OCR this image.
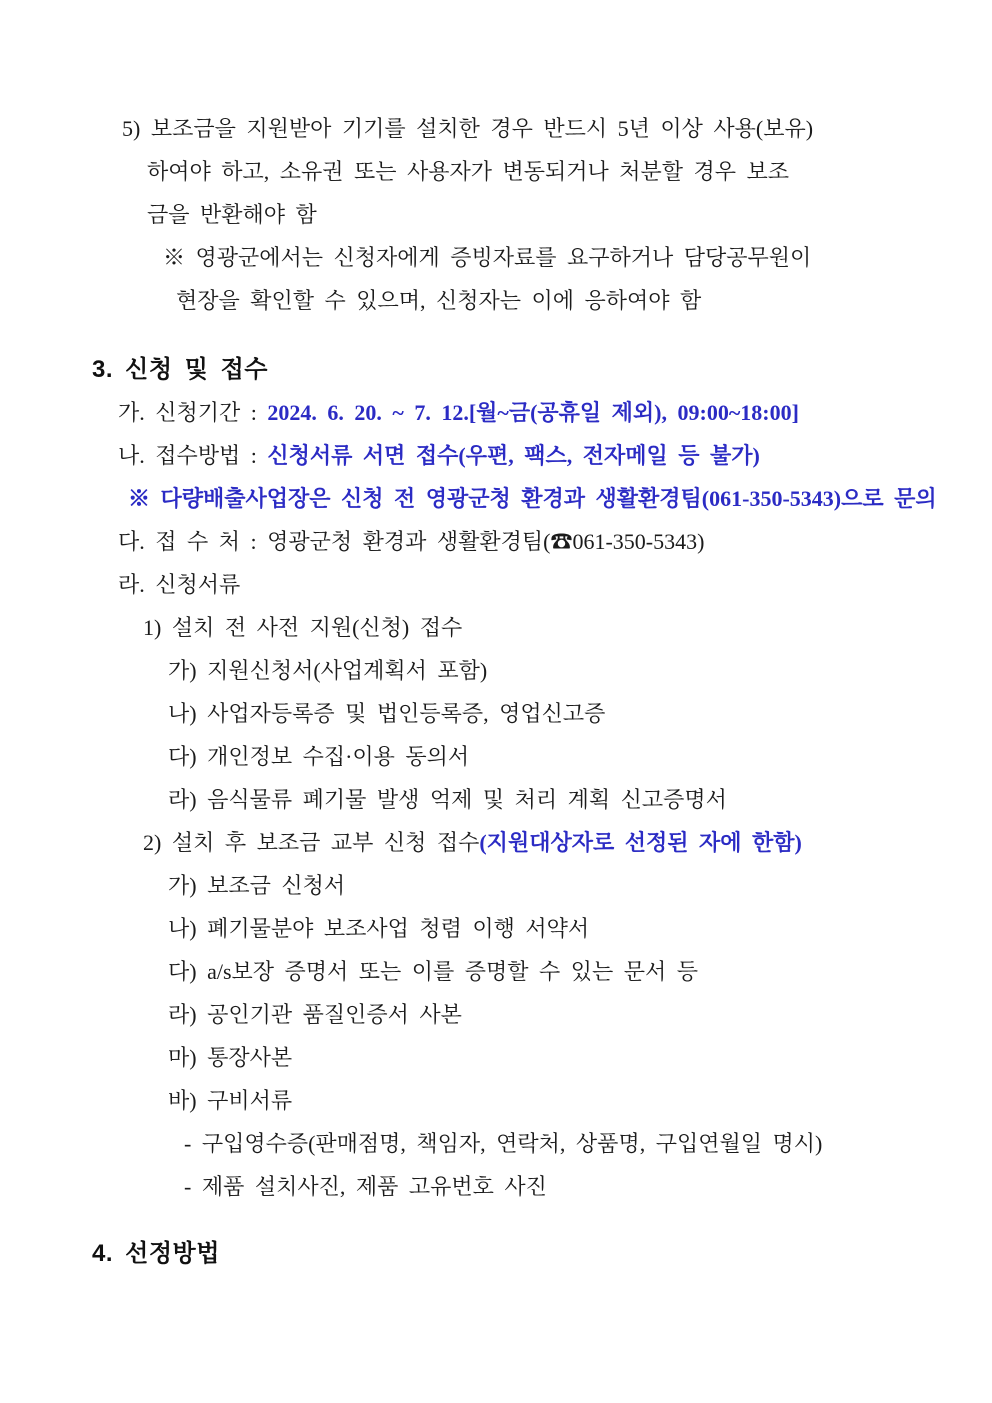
5) 보조금을 지원받아 기기를 설치한 경우 반드시 5년 이상 사용(보유)
하여야 하고, 소유권 또는 사용자가 변동되거나 처분할 경우 보조
금을 반환해야 함
※ 영광군에서는 신청자에게 증빙자료를 요구하거나 담당공무원이
현장을 확인할 수 있으며, 신청자는 이에 응하여야 함
3. 신청 및 접수
가. 신청기간 : 2024. 6. 20. ~ 7. 12.[월~금(공휴일 제외), 09:00~18:00]
나. 접수방법 : 신청서류 서면 접수(우편, 팩스, 전자메일 등 불가)
※ 다량배출사업장은 신청 전 영광군청 환경과 생활환경팀(061-350-5343)으로 문의
다. 접 수 처 : 영광군청 환경과 생활환경팀(☎061-350-5343)
라. 신청서류
1) 설치 전 사전 지원(신청) 접수
가) 지원신청서(사업계획서 포함)
나) 사업자등록증 및 법인등록증, 영업신고증
다) 개인정보 수집·이용 동의서
라) 음식물류 폐기물 발생 억제 및 처리 계획 신고증명서
2) 설치 후 보조금 교부 신청 접수(지원대상자로 선정된 자에 한함)
가) 보조금 신청서
나) 폐기물분야 보조사업 청렴 이행 서약서
다) a/s보장 증명서 또는 이를 증명할 수 있는 문서 등
라) 공인기관 품질인증서 사본
마) 통장사본
바) 구비서류
- 구입영수증(판매점명, 책임자, 연락처, 상품명, 구입연월일 명시)
- 제품 설치사진, 제품 고유번호 사진
4. 선정방법
